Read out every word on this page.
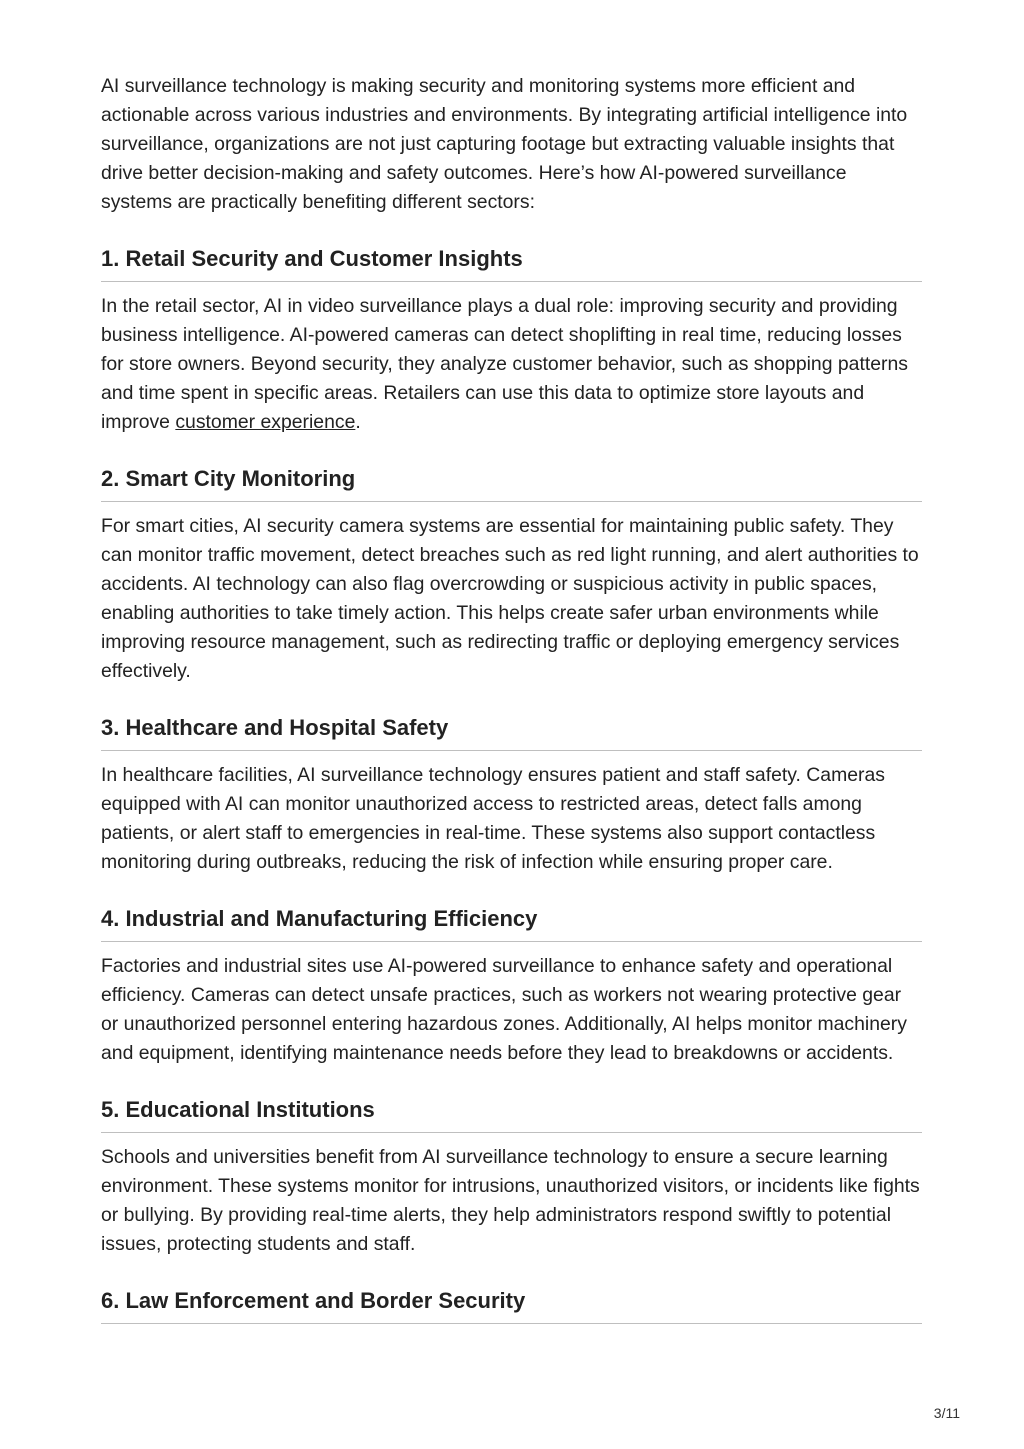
AI surveillance technology is making security and monitoring systems more efficient and actionable across various industries and environments. By integrating artificial intelligence into surveillance, organizations are not just capturing footage but extracting valuable insights that drive better decision-making and safety outcomes. Here’s how AI-powered surveillance systems are practically benefiting different sectors:

1. Retail Security and Customer Insights

In the retail sector, AI in video surveillance plays a dual role: improving security and providing business intelligence. AI-powered cameras can detect shoplifting in real time, reducing losses for store owners. Beyond security, they analyze customer behavior, such as shopping patterns and time spent in specific areas. Retailers can use this data to optimize store layouts and improve customer experience.

2. Smart City Monitoring

For smart cities, AI security camera systems are essential for maintaining public safety. They can monitor traffic movement, detect breaches such as red light running, and alert authorities to accidents. AI technology can also flag overcrowding or suspicious activity in public spaces, enabling authorities to take timely action. This helps create safer urban environments while improving resource management, such as redirecting traffic or deploying emergency services effectively.

3. Healthcare and Hospital Safety

In healthcare facilities, AI surveillance technology ensures patient and staff safety. Cameras equipped with AI can monitor unauthorized access to restricted areas, detect falls among patients, or alert staff to emergencies in real-time. These systems also support contactless monitoring during outbreaks, reducing the risk of infection while ensuring proper care.

4. Industrial and Manufacturing Efficiency

Factories and industrial sites use AI-powered surveillance to enhance safety and operational efficiency. Cameras can detect unsafe practices, such as workers not wearing protective gear or unauthorized personnel entering hazardous zones. Additionally, AI helps monitor machinery and equipment, identifying maintenance needs before they lead to breakdowns or accidents.

5. Educational Institutions

Schools and universities benefit from AI surveillance technology to ensure a secure learning environment. These systems monitor for intrusions, unauthorized visitors, or incidents like fights or bullying. By providing real-time alerts, they help administrators respond swiftly to potential issues, protecting students and staff.

6. Law Enforcement and Border Security
3/11
